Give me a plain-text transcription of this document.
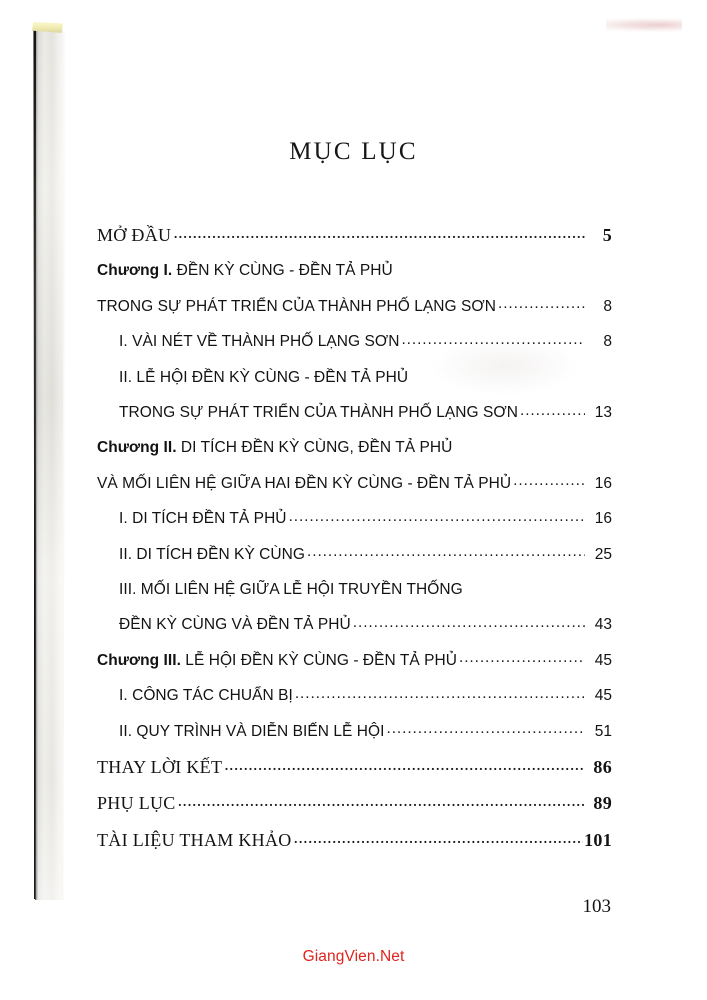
MỤC LỤC
MỞ ĐẦU .....	5
Chương I. ĐỀN KỲ CÙNG - ĐỀN TẢ PHỦ
TRONG SỰ PHÁT TRIỂN CỦA THÀNH PHỐ LẠNG SƠN .....	8
I. VÀI NÉT VỀ THÀNH PHỐ LẠNG SƠN .....	8
II. LỄ HỘI ĐỀN KỲ CÙNG - ĐỀN TẢ PHỦ
TRONG SỰ PHÁT TRIỂN CỦA THÀNH PHỐ LẠNG SƠN .....	13
Chương II. DI TÍCH ĐỀN KỲ CÙNG, ĐỀN TẢ PHỦ
VÀ MỐI LIÊN HỆ GIỮA HAI ĐỀN KỲ CÙNG - ĐỀN TẢ PHỦ .....	16
I. DI TÍCH ĐỀN TẢ PHỦ .....	16
II. DI TÍCH ĐỀN KỲ CÙNG .....	25
III. MỐI LIÊN HỆ GIỮA LỄ HỘI TRUYỀN THỐNG
ĐỀN KỲ CÙNG VÀ ĐỀN TẢ PHỦ .....	43
Chương III. LỄ HỘI ĐỀN KỲ CÙNG - ĐỀN TẢ PHỦ .....	45
I. CÔNG TÁC CHUẨN BỊ .....	45
II. QUY TRÌNH VÀ DIỄN BIẾN LỄ HỘI .....	51
THAY LỜI KẾT .....	86
PHỤ LỤC .....	89
TÀI LIỆU THAM KHẢO .....	101
103
GiangVien.Net
